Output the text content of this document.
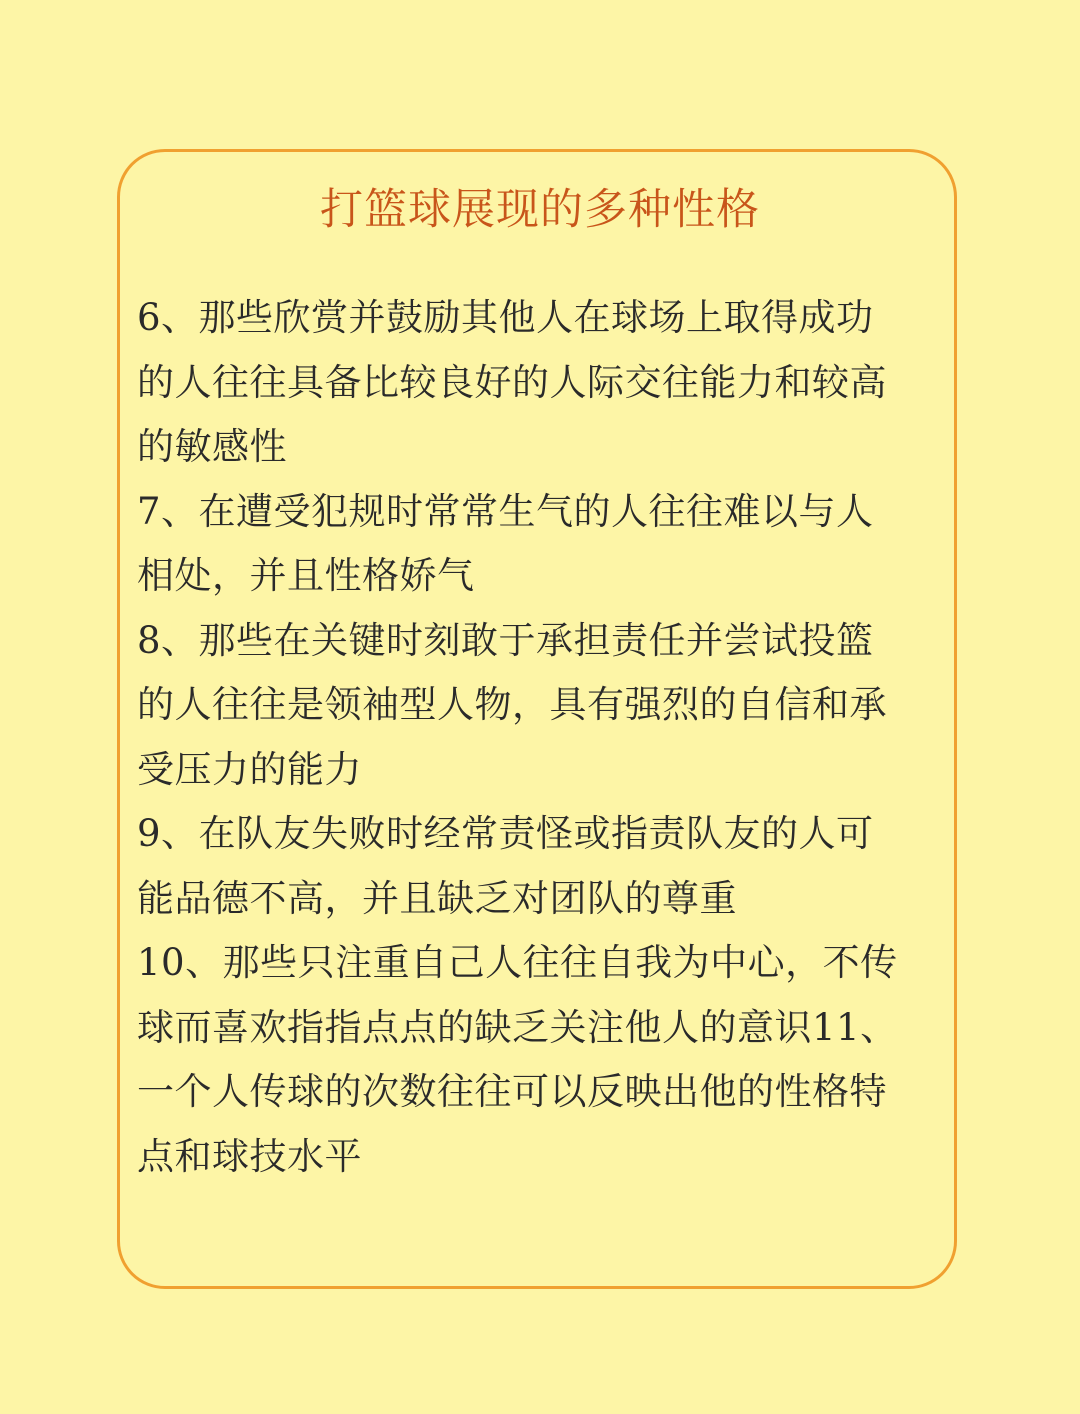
打篮球展现的多种性格
6、那些欣赏并鼓励其他人在球场上取得成功
的人往往具备比较良好的人际交往能力和较高
的敏感性
7、在遭受犯规时常常生气的人往往难以与人
相处，并且性格娇气
8、那些在关键时刻敢于承担责任并尝试投篮
的人往往是领袖型人物，具有强烈的自信和承
受压力的能力
9、在队友失败时经常责怪或指责队友的人可
能品德不高，并且缺乏对团队的尊重
10、那些只注重自己人往往自我为中心，不传
球而喜欢指指点点的缺乏关注他人的意识11、
一个人传球的次数往往可以反映出他的性格特
点和球技水平
